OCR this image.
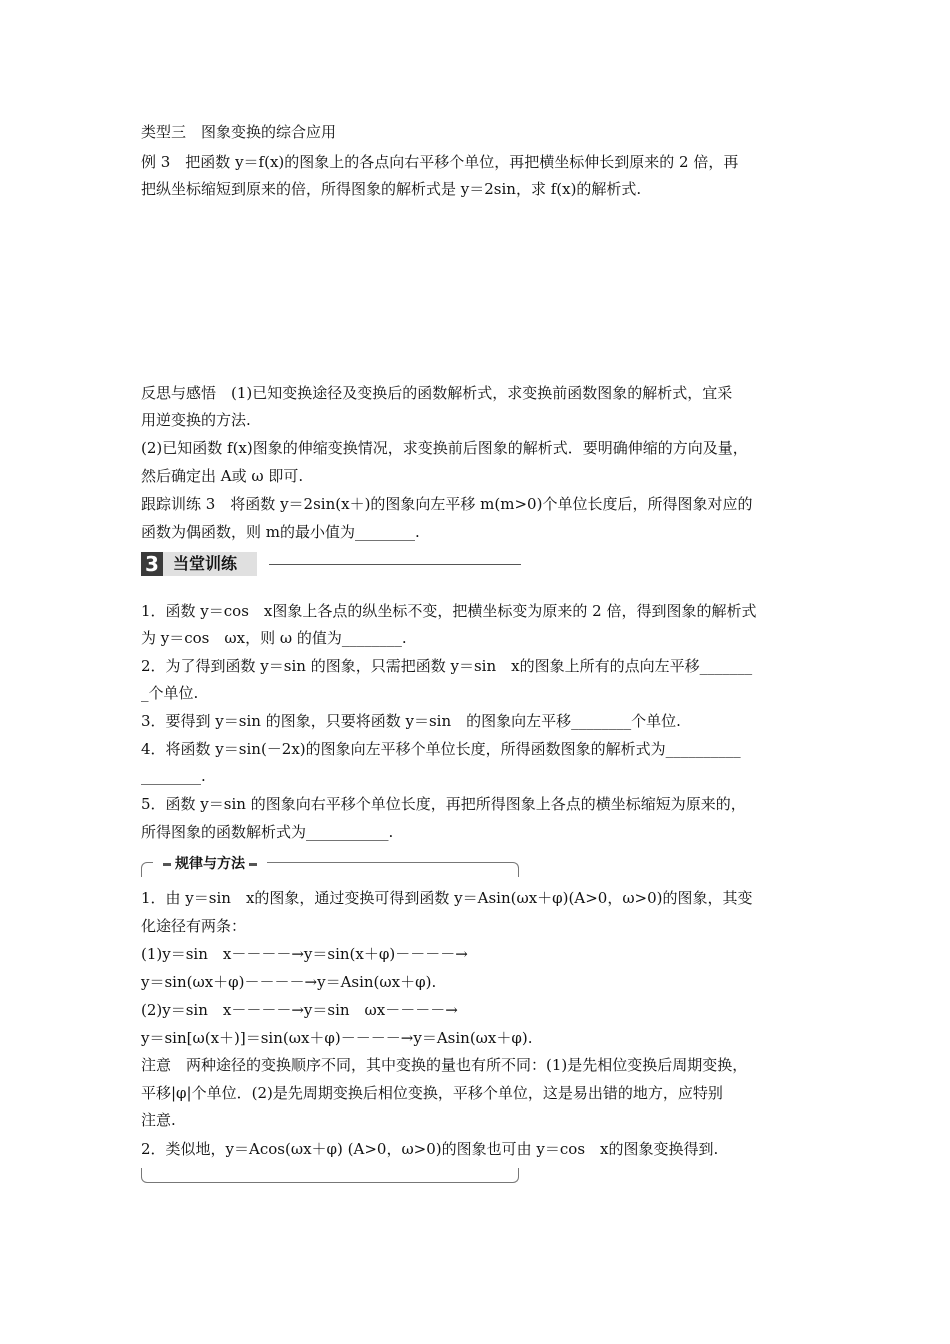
类型三　图象变换的综合应用
例 3　把函数 y＝f(x)的图象上的各点向右平移个单位，再把横坐标伸长到原来的 2 倍，再
把纵坐标缩短到原来的倍，所得图象的解析式是 y＝2sin，求 f(x)的解析式.
反思与感悟　(1)已知变换途径及变换后的函数解析式，求变换前函数图象的解析式，宜采
用逆变换的方法.
(2)已知函数 f(x)图象的伸缩变换情况，求变换前后图象的解析式．要明确伸缩的方向及量，
然后确定出 A或 ω 即可.
跟踪训练 3　将函数 y＝2sin(x＋)的图象向左平移 m(m>0)个单位长度后，所得图象对应的
函数为偶函数，则 m的最小值为________.
1．函数 y＝cos　x图象上各点的纵坐标不变，把横坐标变为原来的 2 倍，得到图象的解析式
为 y＝cos　ωx，则 ω 的值为________.
2．为了得到函数 y＝sin 的图象，只需把函数 y＝sin　x的图象上所有的点向左平移_______
_个单位.
3．要得到 y＝sin 的图象，只要将函数 y＝sin　的图象向左平移________个单位.
4．将函数 y＝sin(－2x)的图象向左平移个单位长度，所得函数图象的解析式为__________
________.
5．函数 y＝sin 的图象向右平移个单位长度，再把所得图象上各点的横坐标缩短为原来的，
所得图象的函数解析式为___________.
1．由 y＝sin　x的图象，通过变换可得到函数 y＝Asin(ωx＋φ)(A>0，ω>0)的图象，其变
化途径有两条：
(1)y＝sin　x－－－－→y＝sin(x＋φ)－－－－→
y＝sin(ωx＋φ)－－－－→y＝Asin(ωx＋φ).
(2)y＝sin　x－－－－→y＝sin　ωx－－－－→
y＝sin[ω(x＋)]＝sin(ωx＋φ)－－－－→y＝Asin(ωx＋φ).
注意　两种途径的变换顺序不同，其中变换的量也有所不同：(1)是先相位变换后周期变换，
平移|φ|个单位．(2)是先周期变换后相位变换，平移个单位，这是易出错的地方，应特别
注意.
2．类似地，y＝Acos(ωx＋φ) (A>0，ω>0)的图象也可由 y＝cos　x的图象变换得到.
3 当堂训练
规律与方法
